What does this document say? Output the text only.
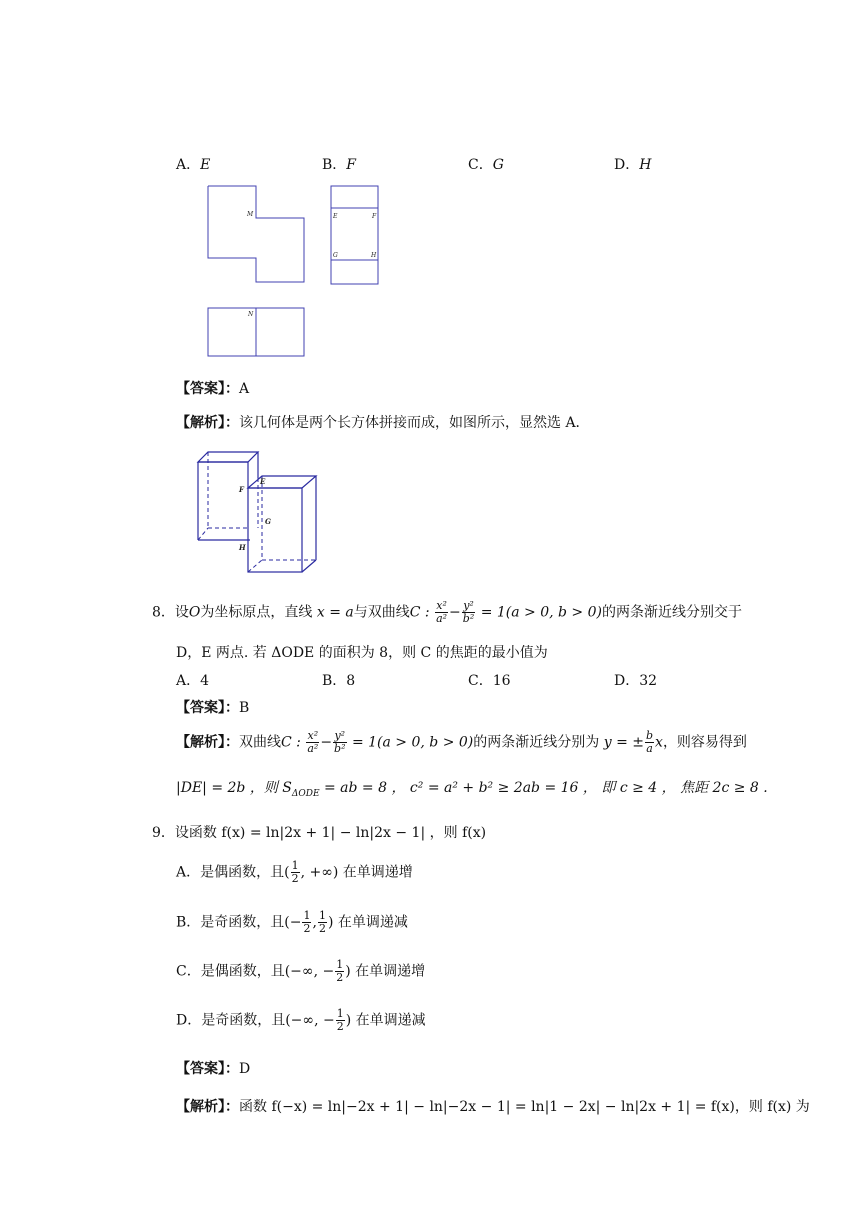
A．E	B．F	C．G	D．H
M	E	F
G	H
N
【答案】：A
【解析】：该几何体是两个长方体拼接而成，如图所示，显然选 A．
E
F
G
H
8．设O为坐标原点，直线 x = a与双曲线C : $\frac{\text{x²}}{\text{a²}} - \frac{\text{y²}}{\text{b²}} = 1(a > 0$, b > 0)的两条渐近线分别交于
D，E 两点. 若 ΔODE 的面积为 8，则 C 的焦距的最小值为
A．4	B．8	C．16	D．32
【答案】：B
【解析】：双曲线C : $\frac{\text{x²}}{\text{a²}} - \frac{\text{y²}}{\text{b²}} = 1(a > 0$, b > 0)的两条渐近线分别为 y = ± $\frac{b}{a}$ x，则容易得到
|DE| = 2b ，则 $S_{\Delta ODE}$ = ab = 8 ， c² = a² + b² ≥ 2ab = 16 ， 即 c ≥ 4 ， 焦距 2c ≥ 8 .
9．设函数 f(x) = ln|2x + 1| − ln|2x − 1| ，则 f(x)
A．是偶函数，且( $\frac{1}{2}$ , +∞) 在单调递增
B．是奇函数，且(− $\frac{1}{2}$ , $\frac{1}{2}$ ) 在单调递减
C．是偶函数，且(−∞, − $\frac{1}{2}$ ) 在单调递增
D．是奇函数，且(−∞, − $\frac{1}{2}$ ) 在单调递减
【答案】：D
【解析】：函数 f(−x) = ln|−2x + 1| − ln|−2x − 1| = ln|1 − 2x| − ln|2x + 1| = f(x)，则 f(x) 为
